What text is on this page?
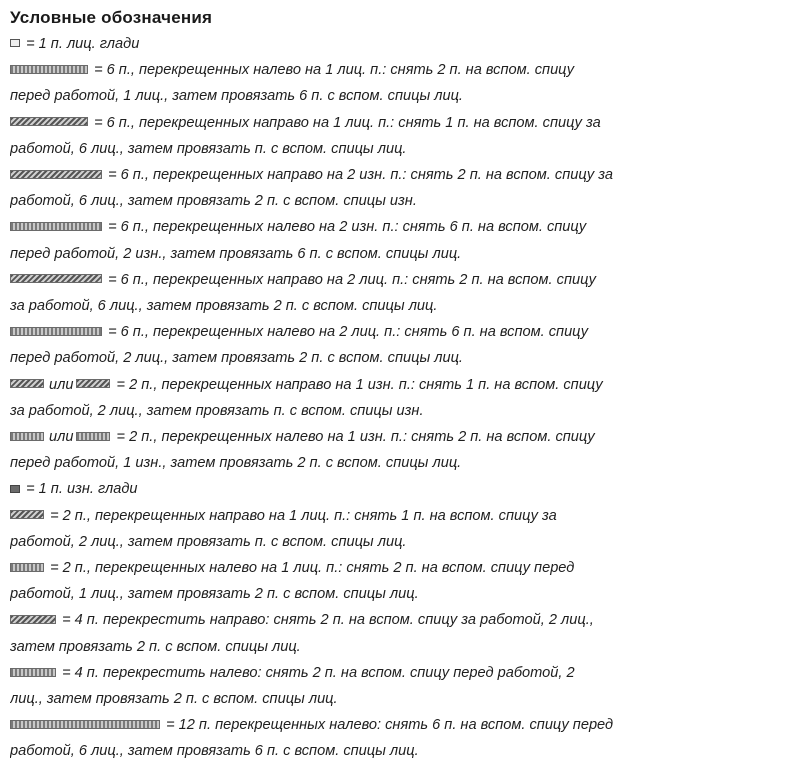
Условные обозначения
= 1 п. лиц. глади
= 6 п., перекрещенных налево на 1 лиц. п.: снять 2 п. на вспом. спицу
перед работой, 1 лиц., затем провязать 6 п. с вспом. спицы лиц.
= 6 п., перекрещенных направо на 1 лиц. п.: снять 1 п. на вспом. спицу за
работой, 6 лиц., затем провязать п. с вспом. спицы лиц.
= 6 п., перекрещенных направо на 2 изн. п.: снять 2 п. на вспом. спицу за
работой, 6 лиц., затем провязать 2 п. с вспом. спицы изн.
= 6 п., перекрещенных налево на 2 изн. п.: снять 6 п. на вспом. спицу
перед работой, 2 изн., затем провязать 6 п. с вспом. спицы лиц.
= 6 п., перекрещенных направо на 2 лиц. п.: снять 2 п. на вспом. спицу
за работой, 6 лиц., затем провязать 2 п. с вспом. спицы лиц.
= 6 п., перекрещенных налево на 2 лиц. п.: снять 6 п. на вспом. спицу
перед работой, 2 лиц., затем провязать 2 п. с вспом. спицы лиц.
или	= 2 п., перекрещенных направо на 1 изн. п.: снять 1 п. на вспом. спицу
за работой, 2 лиц., затем провязать п. с вспом. спицы изн.
или	= 2 п., перекрещенных налево на 1 изн. п.: снять 2 п. на вспом. спицу
перед работой, 1 изн., затем провязать 2 п. с вспом. спицы лиц.
= 1 п. изн. глади
= 2 п., перекрещенных направо на 1 лиц. п.: снять 1 п. на вспом. спицу за
работой, 2 лиц., затем провязать п. с вспом. спицы лиц.
= 2 п., перекрещенных налево на 1 лиц. п.: снять 2 п. на вспом. спицу перед
работой, 1 лиц., затем провязать 2 п. с вспом. спицы лиц.
= 4 п. перекрестить направо: снять 2 п. на вспом. спицу за работой, 2 лиц.,
затем провязать 2 п. с вспом. спицы лиц.
= 4 п. перекрестить налево: снять 2 п. на вспом. спицу перед работой, 2
лиц., затем провязать 2 п. с вспом. спицы лиц.
= 12 п. перекрещенных налево: снять 6 п. на вспом. спицу перед
работой, 6 лиц., затем провязать 6 п. с вспом. спицы лиц.
